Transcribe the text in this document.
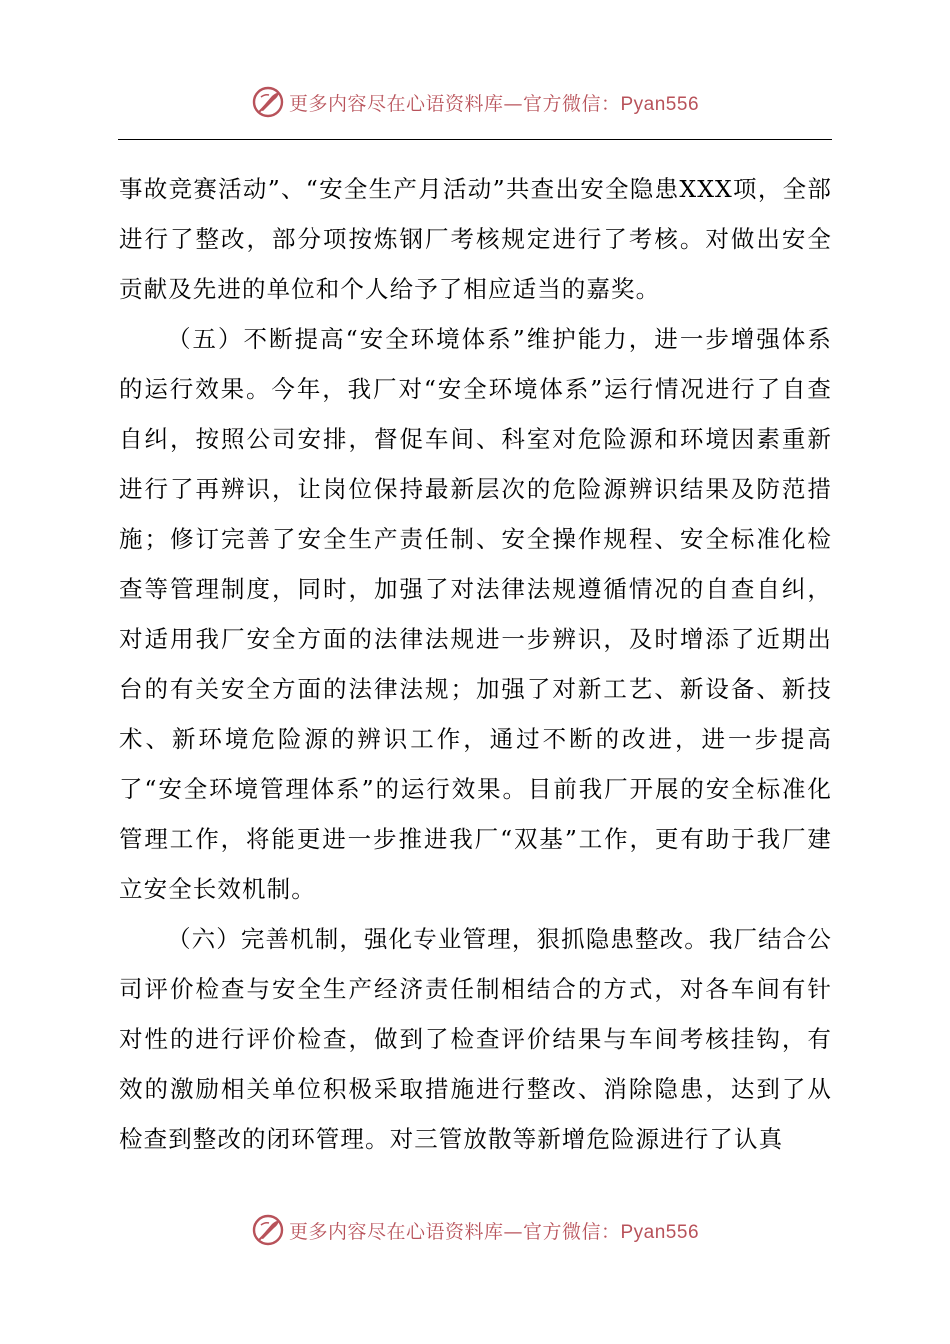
更多内容尽在心语资料库—官方微信：Pyan556

事故竞赛活动”、“安全生产月活动”共查出安全隐患XXX项，全部进行了整改，部分项按炼钢厂考核规定进行了考核。对做出安全贡献及先进的单位和个人给予了相应适当的嘉奖。

（五）不断提高“安全环境体系”维护能力，进一步增强体系的运行效果。今年，我厂对“安全环境体系”运行情况进行了自查自纠，按照公司安排，督促车间、科室对危险源和环境因素重新进行了再辨识，让岗位保持最新层次的危险源辨识结果及防范措施；修订完善了安全生产责任制、安全操作规程、安全标准化检查等管理制度，同时，加强了对法律法规遵循情况的自查自纠，对适用我厂安全方面的法律法规进一步辨识，及时增添了近期出台的有关安全方面的法律法规；加强了对新工艺、新设备、新技术、新环境危险源的辨识工作，通过不断的改进，进一步提高了“安全环境管理体系”的运行效果。目前我厂开展的安全标准化管理工作，将能更进一步推进我厂“双基”工作，更有助于我厂建立安全长效机制。

（六）完善机制，强化专业管理，狠抓隐患整改。我厂结合公司评价检查与安全生产经济责任制相结合的方式，对各车间有针对性的进行评价检查，做到了检查评价结果与车间考核挂钩，有效的激励相关单位积极采取措施进行整改、消除隐患，达到了从检查到整改的闭环管理。对三管放散等新增危险源进行了认真

更多内容尽在心语资料库—官方微信：Pyan556
